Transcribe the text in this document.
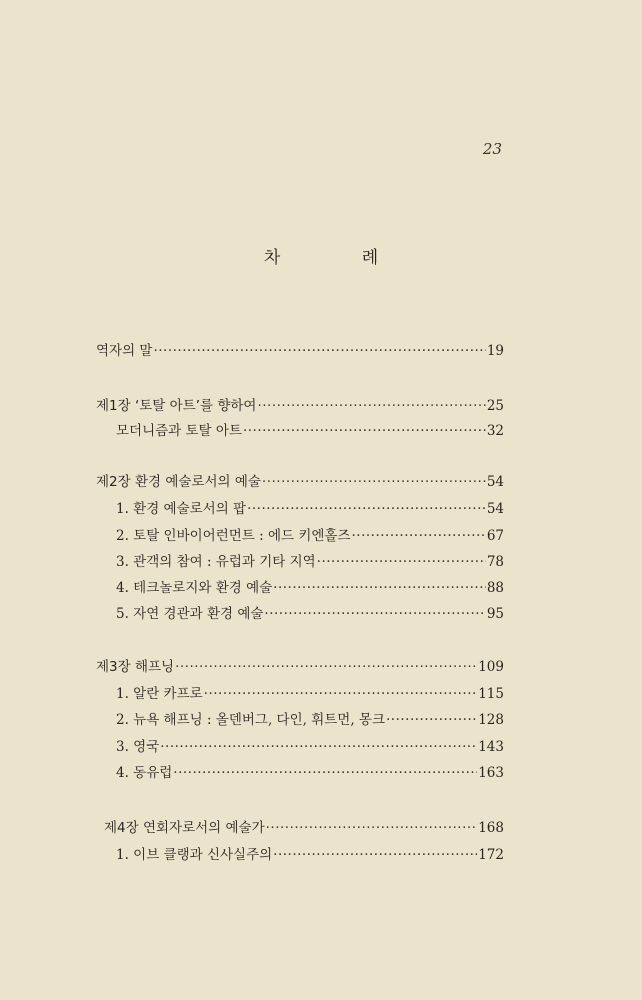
23
차 례
역자의 말 ·····	19
제1장 ‘토탈 아트’를 향하여 ·····	25
모더니즘과 토탈 아트 ·····	32
제2장 환경 예술로서의 예술 ·····	54
1. 환경 예술로서의 팝 ·····	54
2. 토탈 인바이어런먼트 : 에드 키엔홀즈 ·····	67
3. 관객의 참여 : 유럽과 기타 지역 ·····	78
4. 테크놀로지와 환경 예술 ·····	88
5. 자연 경관과 환경 예술 ·····	95
제3장 해프닝 ·····	109
1. 알란 카프로 ·····	115
2. 뉴욕 해프닝 : 올덴버그, 다인, 휘트먼, 몽크 ·····	128
3. 영국 ·····	143
4. 동유럽 ·····	163
제4장 연회자로서의 예술가 ·····	168
1. 이브 클랭과 신사실주의 ·····	172
